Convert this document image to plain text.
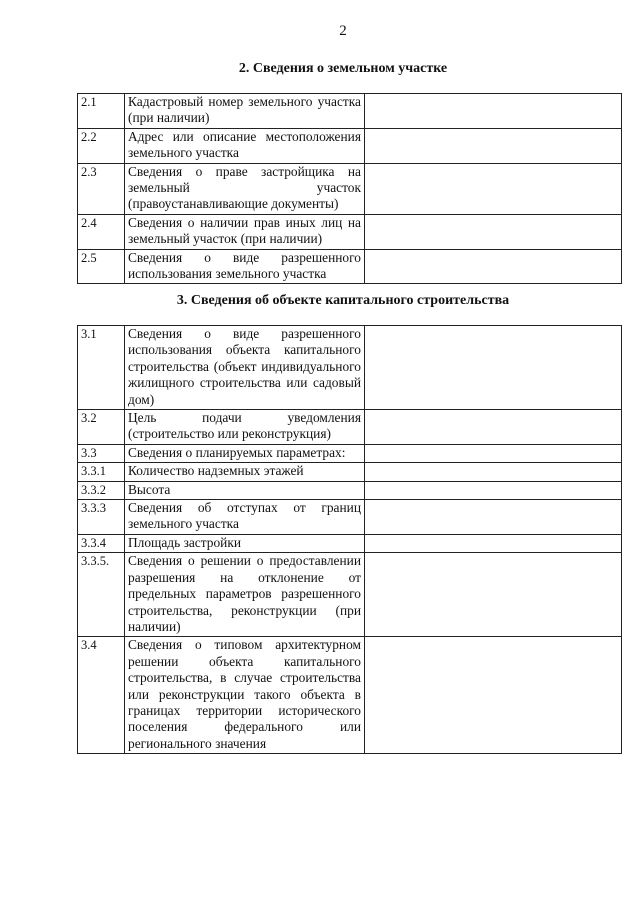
2
2. Сведения о земельном участке
2.1	Кадастровый номер земельного участка (при наличии)	
2.2	Адрес или описание местоположения земельного участка	
2.3	Сведения о праве застройщика на земельный участок (правоустанавливающие документы)	
2.4	Сведения о наличии прав иных лиц на земельный участок (при наличии)	
2.5	Сведения о виде разрешенного использования земельного участка	
3. Сведения об объекте капитального строительства
3.1	Сведения о виде разрешенного использования объекта капитального строительства (объект индивидуального жилищного строительства или садовый дом)	
3.2	Цель подачи уведомления (строительство или реконструкция)	
3.3	Сведения о планируемых параметрах:	
3.3.1	Количество надземных этажей	
3.3.2	Высота	
3.3.3	Сведения об отступах от границ земельного участка	
3.3.4	Площадь застройки	
3.3.5.	Сведения о решении о предоставлении разрешения на отклонение от предельных параметров разрешенного строительства, реконструкции (при наличии)	
3.4	Сведения о типовом архитектурном решении объекта капитального строительства, в случае строительства или реконструкции такого объекта в границах территории исторического поселения федерального или регионального значения	
